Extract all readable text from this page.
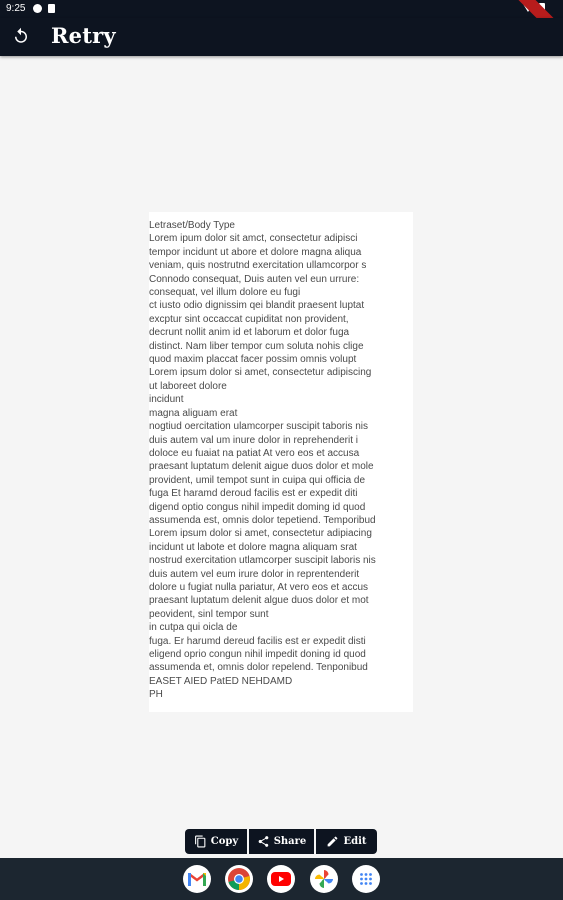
9:25
Retry
Letraset/Body Type
Lorem ipum dolor sit amct, consectetur adipisci
tempor incidunt ut abore et dolore magna aliqua
veniam, quis nostrutnd exercitation ullamcorpor s
Connodo consequat, Duis auten vel eun urrure:
consequat, vel illum dolore eu fugi
ct iusto odio dignissim qei blandit praesent luptat
excptur sint occaccat cupiditat non provident,
decrunt nollit anim id et laborum et dolor fuga
distinct. Nam liber tempor cum soluta nohis clige
quod maxim placcat facer possim omnis volupt
Lorem ipsum dolor si amet, consectetur adipiscing
ut laboreet dolore
incidunt
magna aliguam erat
nogtiud oercitation ulamcorper suscipit taboris nis
duis autem val um inure dolor in reprehenderit i
doloce eu fuaiat na patiat At vero eos et accusa
praesant luptatum delenit aigue duos dolor et mole
provident, umil tempot sunt in cuipa qui officia de
fuga Et haramd deroud facilis est er expedit diti
digend optio congus nihil impedit doming id quod
assumenda est, omnis dolor tepetiend. Temporibud
Lorem ipsum dolor si amet, consectetur adipiacing
incidunt ut labote et dolore magna aliquam srat
nostrud exercitation utlamcorper suscipit laboris nis
duis autem vel eum irure dolor in reprentenderit
dolore u fugiat nulla pariatur, At vero eos et accus
praesant luptatum delenit algue duos dolor et mot
peovident, sinl tempor sunt
in cutpa qui oicla de
fuga. Er harumd dereud facilis est er expedit disti
eligend oprio congun nihil impedit doning id quod
assumenda et, omnis dolor repelend. Tenponibud
EASET AIED PatED NEHDAMD
PH
Copy	Share	Edit
